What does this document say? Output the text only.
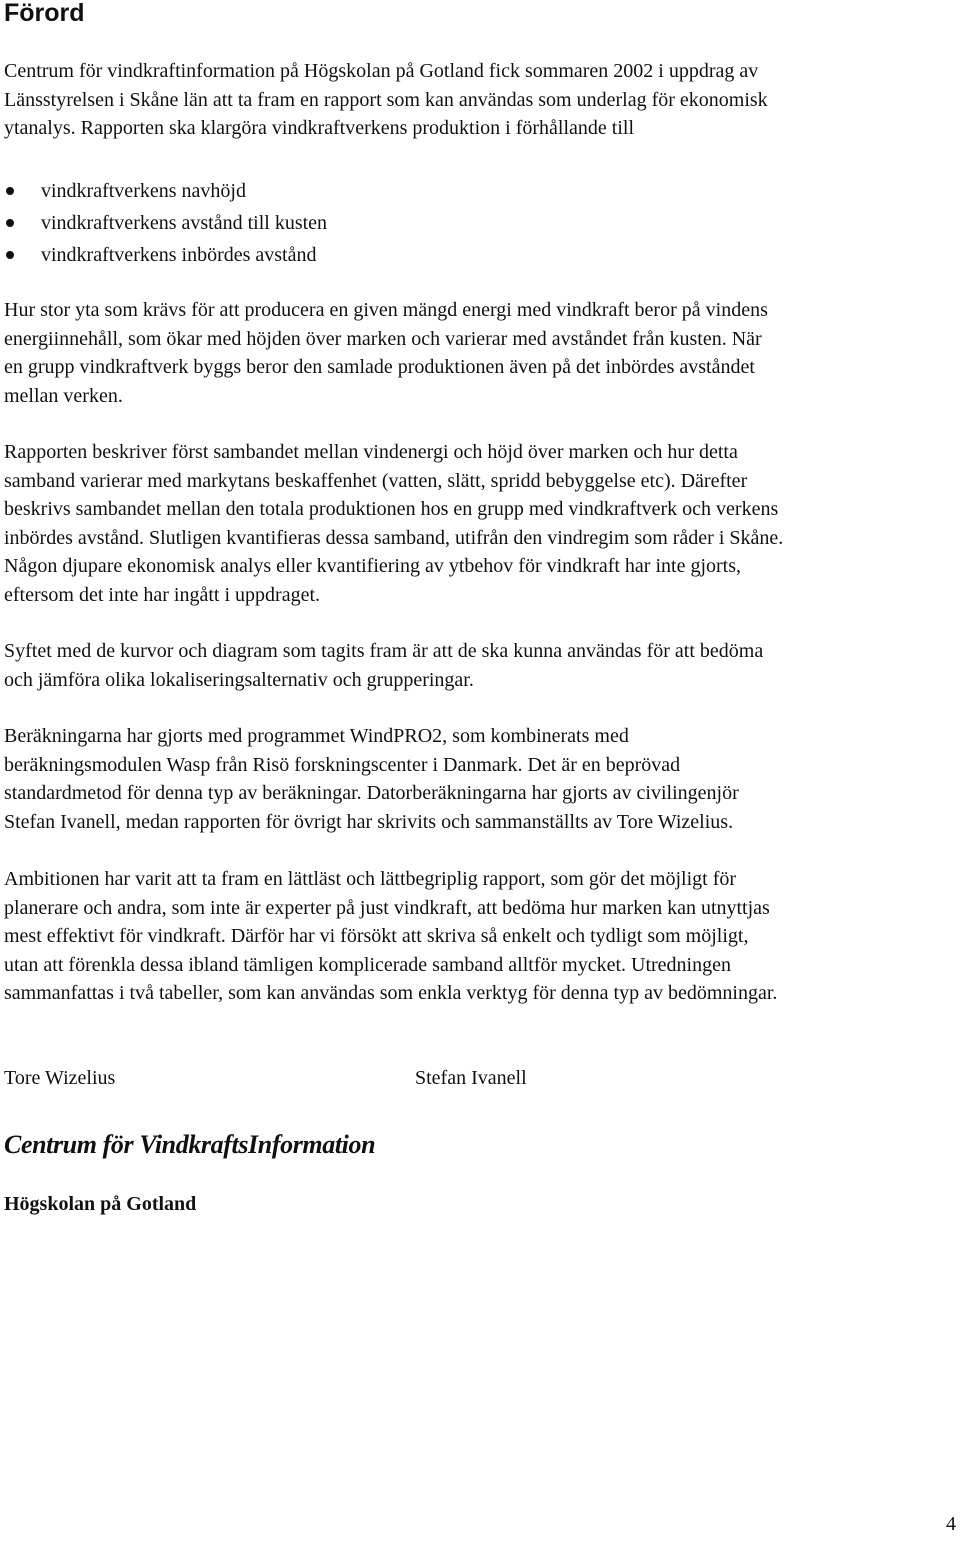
Förord

Centrum för vindkraftinformation på Högskolan på Gotland fick sommaren 2002 i uppdrag av
Länsstyrelsen i Skåne län att ta fram en rapport som kan användas som underlag för ekonomisk
ytanalys. Rapporten ska klargöra vindkraftverkens produktion i förhållande till

vindkraftverkens navhöjd
vindkraftverkens avstånd till kusten
vindkraftverkens inbördes avstånd

Hur stor yta som krävs för att producera en given mängd energi med vindkraft beror på vindens
energiinnehåll, som ökar med höjden över marken och varierar med avståndet från kusten. När
en grupp vindkraftverk byggs beror den samlade produktionen även på det inbördes avståndet
mellan verken.

Rapporten beskriver först sambandet mellan vindenergi och höjd över marken och hur detta
samband varierar med markytans beskaffenhet (vatten, slätt, spridd bebyggelse etc). Därefter
beskrivs sambandet mellan den totala produktionen hos en grupp med vindkraftverk och verkens
inbördes avstånd. Slutligen kvantifieras dessa samband, utifrån den vindregim som råder i Skåne.
Någon djupare ekonomisk analys eller kvantifiering av ytbehov för vindkraft har inte gjorts,
eftersom det inte har ingått i uppdraget.

Syftet med de kurvor och diagram som tagits fram är att de ska kunna användas för att bedöma
och jämföra olika lokaliseringsalternativ och grupperingar.

Beräkningarna har gjorts med programmet WindPRO2, som kombinerats med
beräkningsmodulen Wasp från Risö forskningscenter i Danmark. Det är en beprövad
standardmetod för denna typ av beräkningar. Datorberäkningarna har gjorts av civilingenjör
Stefan Ivanell, medan rapporten för övrigt har skrivits och sammanställts av Tore Wizelius.

Ambitionen har varit att ta fram en lättläst och lättbegriplig rapport, som gör det möjligt för
planerare och andra, som inte är experter på just vindkraft, att bedöma hur marken kan utnyttjas
mest effektivt för vindkraft. Därför har vi försökt att skriva så enkelt och tydligt som möjligt,
utan att förenkla dessa ibland tämligen komplicerade samband alltför mycket. Utredningen
sammanfattas i två tabeller, som kan användas som enkla verktyg för denna typ av bedömningar.

Tore Wizelius	Stefan Ivanell
Centrum för VindkraftsInformation
Högskolan på Gotland
4
